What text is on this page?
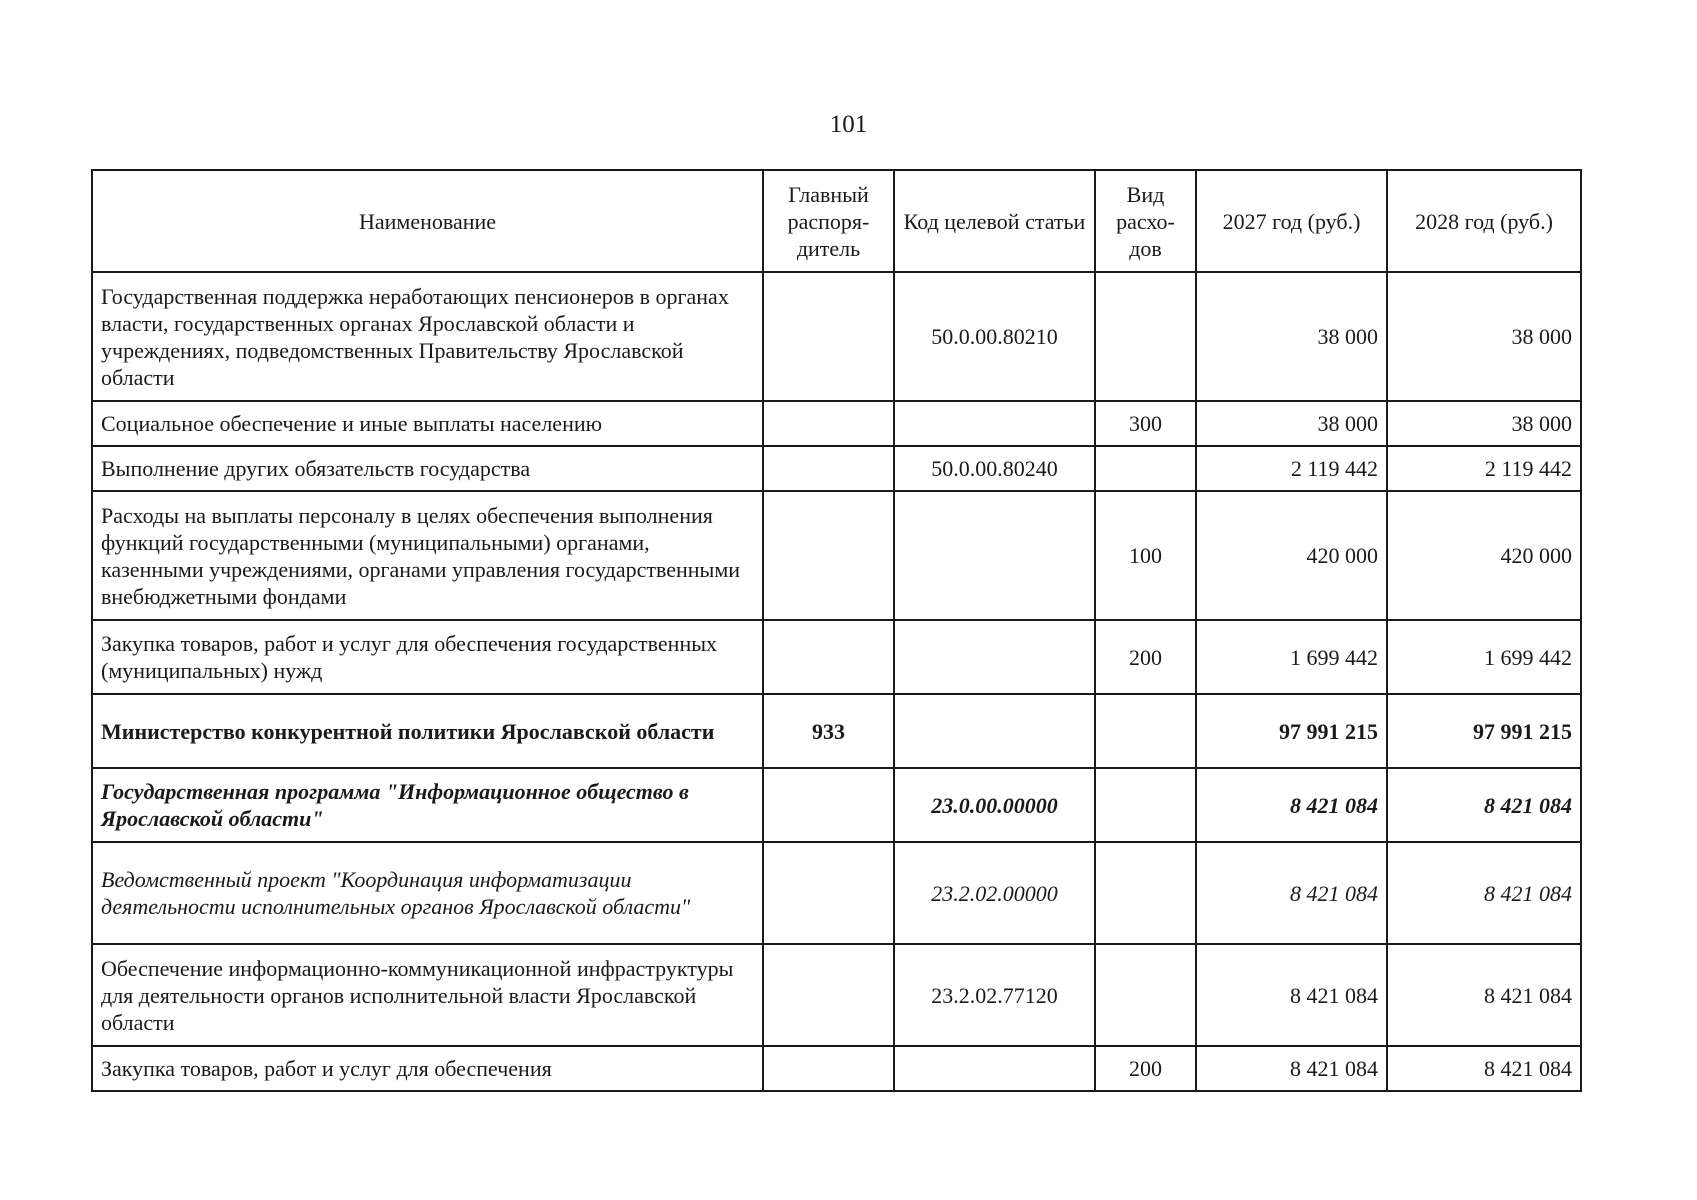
101
Наименование	Главный распоря-дитель	Код целевой статьи	Вид расхо-дов	2027 год (руб.)	2028 год (руб.)
Государственная поддержка неработающих пенсионеров в органах власти, государственных органах Ярославской области и учреждениях, подведомственных Правительству Ярославской области		50.0.00.80210		38 000	38 000
Социальное обеспечение и иные выплаты населению			300	38 000	38 000
Выполнение других обязательств государства		50.0.00.80240		2 119 442	2 119 442
Расходы на выплаты персоналу в целях обеспечения выполнения функций государственными (муниципальными) органами, казенными учреждениями, органами управления государственными внебюджетными фондами			100	420 000	420 000
Закупка товаров, работ и услуг для обеспечения государственных (муниципальных) нужд			200	1 699 442	1 699 442
Министерство конкурентной политики Ярославской области	933			97 991 215	97 991 215
Государственная программа "Информационное общество в Ярославской области"		23.0.00.00000		8 421 084	8 421 084
Ведомственный проект "Координация информатизации деятельности исполнительных органов Ярославской области"		23.2.02.00000		8 421 084	8 421 084
Обеспечение информационно-коммуникационной инфраструктуры для деятельности органов исполнительной власти Ярославской области		23.2.02.77120		8 421 084	8 421 084
Закупка товаров, работ и услуг для обеспечения			200	8 421 084	8 421 084
